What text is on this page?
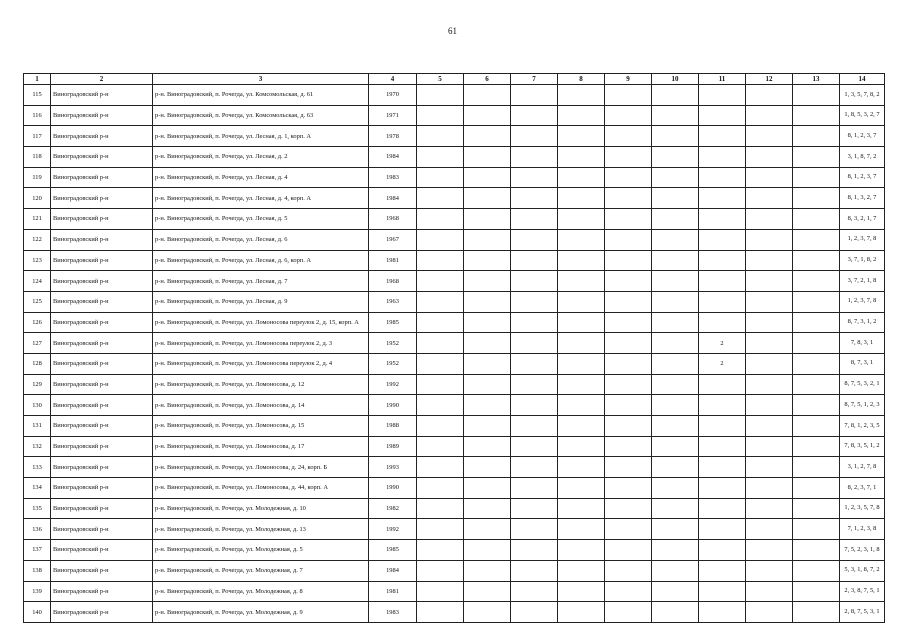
61
1	2	3	4	5	6	7	8	9	10	11	12	13	14
115	Виноградовский р-н	р-н. Виноградовский, п. Рочегда, ул. Комсомольская, д. 61	1970										1, 3, 5, 7, 8, 2
116	Виноградовский р-н	р-н. Виноградовский, п. Рочегда, ул. Комсомольская, д. 63	1971										1, 8, 5, 3, 2, 7
117	Виноградовский р-н	р-н. Виноградовский, п. Рочегда, ул. Лесная, д. 1, корп. А	1978										8, 1, 2, 3, 7
118	Виноградовский р-н	р-н. Виноградовский, п. Рочегда, ул. Лесная, д. 2	1984										3, 1, 8, 7, 2
119	Виноградовский р-н	р-н. Виноградовский, п. Рочегда, ул. Лесная, д. 4	1983										8, 1, 2, 3, 7
120	Виноградовский р-н	р-н. Виноградовский, п. Рочегда, ул. Лесная, д. 4, корп. А	1984										8, 1, 3, 2, 7
121	Виноградовский р-н	р-н. Виноградовский, п. Рочегда, ул. Лесная, д. 5	1968										8, 3, 2, 1, 7
122	Виноградовский р-н	р-н. Виноградовский, п. Рочегда, ул. Лесная, д. 6	1967										1, 2, 3, 7, 8
123	Виноградовский р-н	р-н. Виноградовский, п. Рочегда, ул. Лесная, д. 6, корп. А	1981										3, 7, 1, 8, 2
124	Виноградовский р-н	р-н. Виноградовский, п. Рочегда, ул. Лесная, д. 7	1968										3, 7, 2, 1, 8
125	Виноградовский р-н	р-н. Виноградовский, п. Рочегда, ул. Лесная, д. 9	1963										1, 2, 3, 7, 8
126	Виноградовский р-н	р-н. Виноградовский, п. Рочегда, ул. Ломоносова переулок 2, д. 15, корп. А	1985										8, 7, 3, 1, 2
127	Виноградовский р-н	р-н. Виноградовский, п. Рочегда, ул. Ломоносова переулок 2, д. 3	1952							2			7, 8, 3, 1
128	Виноградовский р-н	р-н. Виноградовский, п. Рочегда, ул. Ломоносова переулок 2, д. 4	1952							2			8, 7, 3, 1
129	Виноградовский р-н	р-н. Виноградовский, п. Рочегда, ул. Ломоносова, д. 12	1992										8, 7, 5, 3, 2, 1
130	Виноградовский р-н	р-н. Виноградовский, п. Рочегда, ул. Ломоносова, д. 14	1990										8, 7, 5, 1, 2, 3
131	Виноградовский р-н	р-н. Виноградовский, п. Рочегда, ул. Ломоносова, д. 15	1988										7, 8, 1, 2, 3, 5
132	Виноградовский р-н	р-н. Виноградовский, п. Рочегда, ул. Ломоносова, д. 17	1989										7, 8, 3, 5, 1, 2
133	Виноградовский р-н	р-н. Виноградовский, п. Рочегда, ул. Ломоносова, д. 24, корп. Б	1993										3, 1, 2, 7, 8
134	Виноградовский р-н	р-н. Виноградовский, п. Рочегда, ул. Ломоносова, д. 44, корп. А	1990										8, 2, 3, 7, 1
135	Виноградовский р-н	р-н. Виноградовский, п. Рочегда, ул. Молодежная, д. 10	1982										1, 2, 3, 5, 7, 8
136	Виноградовский р-н	р-н. Виноградовский, п. Рочегда, ул. Молодежная, д. 13	1992										7, 1, 2, 3, 8
137	Виноградовский р-н	р-н. Виноградовский, п. Рочегда, ул. Молодежная, д. 5	1985										7, 5, 2, 3, 1, 8
138	Виноградовский р-н	р-н. Виноградовский, п. Рочегда, ул. Молодежная, д. 7	1984										5, 3, 1, 8, 7, 2
139	Виноградовский р-н	р-н. Виноградовский, п. Рочегда, ул. Молодежная, д. 8	1981										2, 3, 8, 7, 5, 1
140	Виноградовский р-н	р-н. Виноградовский, п. Рочегда, ул. Молодежная, д. 9	1983										2, 8, 7, 5, 3, 1
